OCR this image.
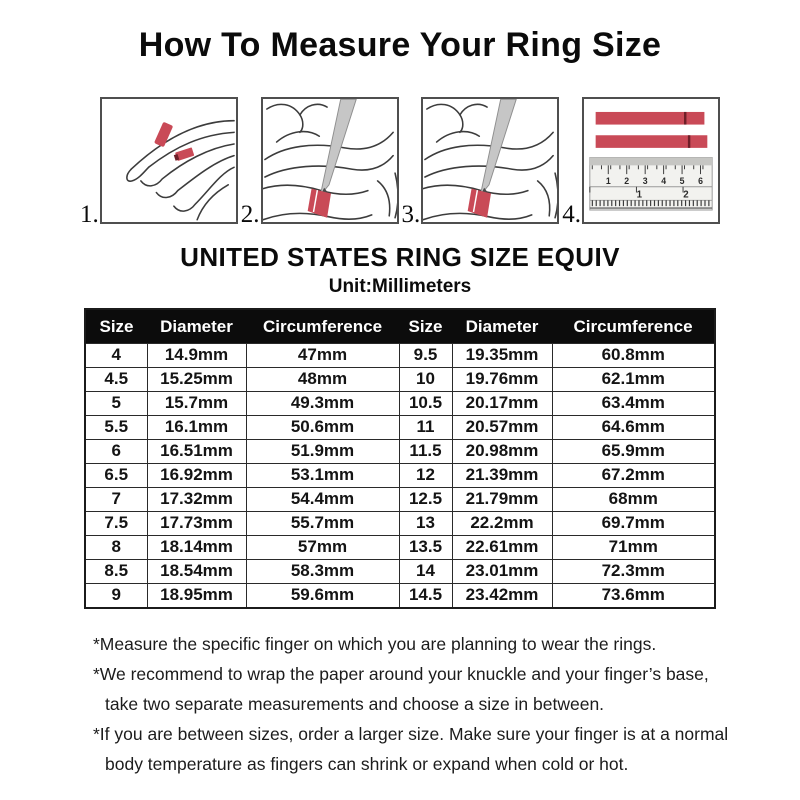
How To Measure Your Ring Size
1.	2.	3.	4.
1 2 3 4 5 6
1	2
UNITED STATES RING SIZE EQUIV
Unit:Millimeters
Size	Diameter	Circumference	Size	Diameter	Circumference
4	14.9mm	47mm	9.5	19.35mm	60.8mm
4.5	15.25mm	48mm	10	19.76mm	62.1mm
5	15.7mm	49.3mm	10.5	20.17mm	63.4mm
5.5	16.1mm	50.6mm	11	20.57mm	64.6mm
6	16.51mm	51.9mm	11.5	20.98mm	65.9mm
6.5	16.92mm	53.1mm	12	21.39mm	67.2mm
7	17.32mm	54.4mm	12.5	21.79mm	68mm
7.5	17.73mm	55.7mm	13	22.2mm	69.7mm
8	18.14mm	57mm	13.5	22.61mm	71mm
8.5	18.54mm	58.3mm	14	23.01mm	72.3mm
9	18.95mm	59.6mm	14.5	23.42mm	73.6mm
*Measure the specific finger on which you are planning to wear the rings.
*We recommend to wrap the paper around your knuckle and your finger’s base,
take two separate measurements and choose a size in between.
*If you are between sizes, order a larger size. Make sure your finger is at a normal
body temperature as fingers can shrink or expand when cold or hot.
